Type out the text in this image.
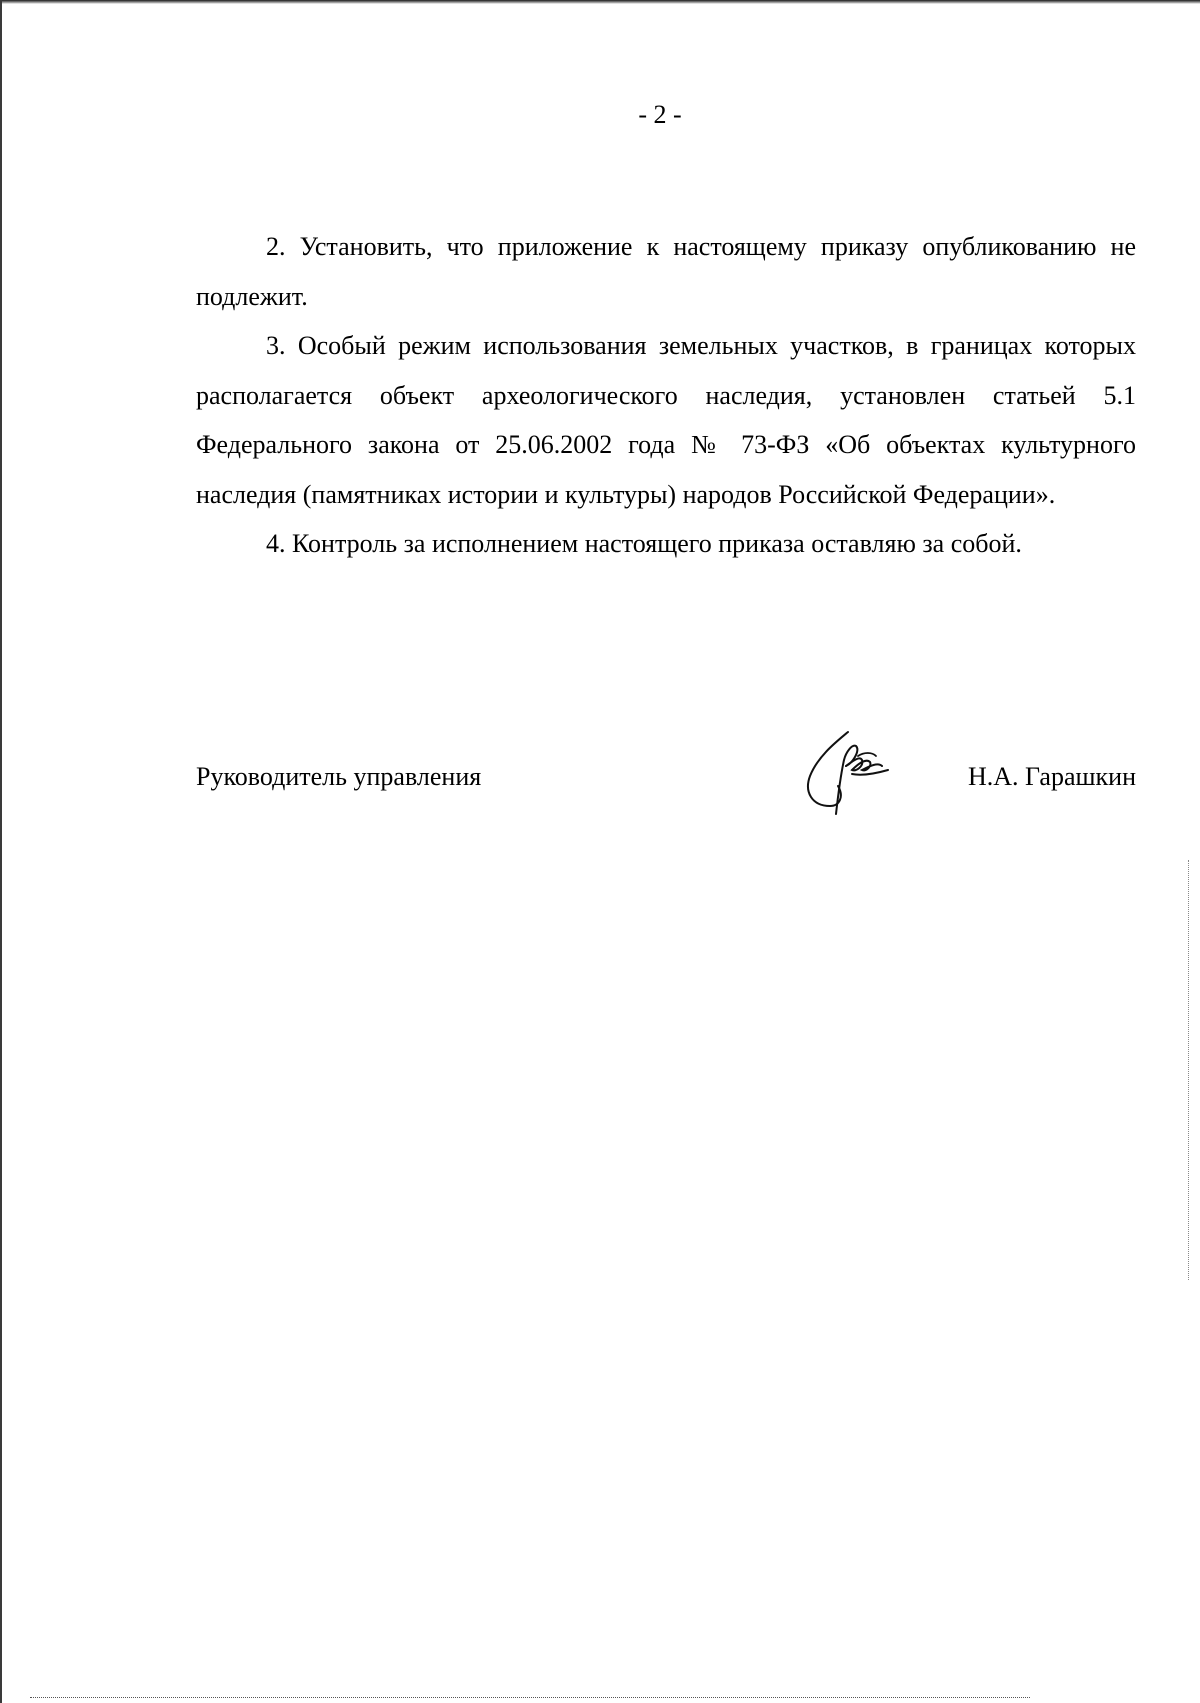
- 2 -

2. Установить, что приложение к настоящему приказу опубликованию не подлежит.

3. Особый режим использования земельных участков, в границах которых располагается объект археологического наследия, установлен статьей 5.1 Федерального закона от 25.06.2002 года № 73-ФЗ «Об объектах культурного наследия (памятниках истории и культуры) народов Российской Федерации».

4. Контроль за исполнением настоящего приказа оставляю за собой.

Руководитель управления	Н.А. Гарашкин
